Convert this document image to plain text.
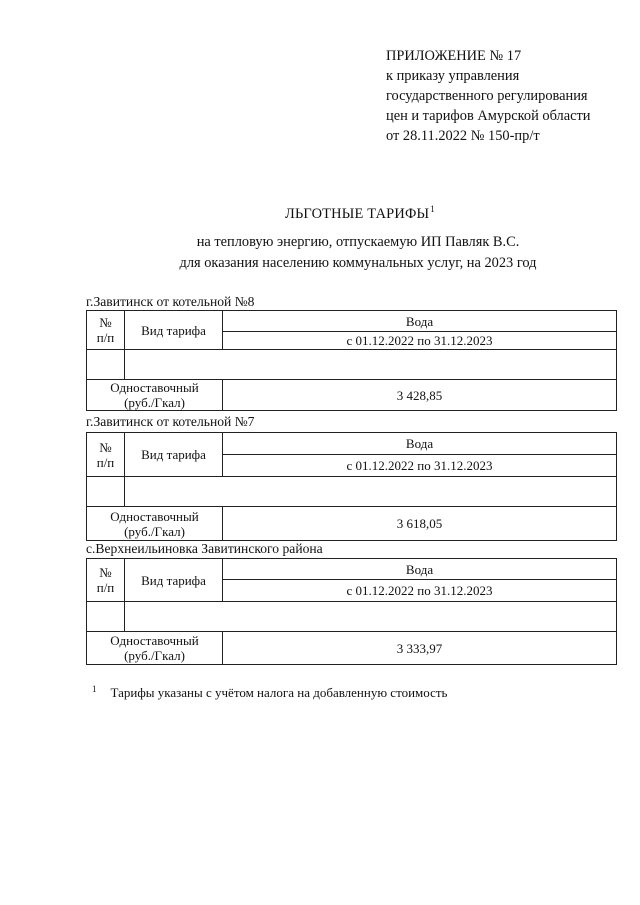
ПРИЛОЖЕНИЕ № 17
к приказу управления
государственного регулирования
цен и тарифов Амурской области
от 28.11.2022 № 150-пр/т
ЛЬГОТНЫЕ ТАРИФЫ$^1$
на тепловую энергию, отпускаемую ИП Павляк В.С.
для оказания населению коммунальных услуг, на 2023 год
г.Завитинск от котельной №8
№
п/п	Вид тарифа	Вода
		с 01.12.2022 по 31.12.2023

Одноставочный
(руб./Гкал)		3 428,85
г.Завитинск от котельной №7
№
п/п	Вид тарифа	Вода
		с 01.12.2022 по 31.12.2023

Одноставочный
(руб./Гкал)		3 618,05
с.Верхнеильиновка Завитинского района
№
п/п	Вид тарифа	Вода
		с 01.12.2022 по 31.12.2023

Одноставочный
(руб./Гкал)		3 333,97
$^1$ Тарифы указаны с учётом налога на добавленную стоимость
